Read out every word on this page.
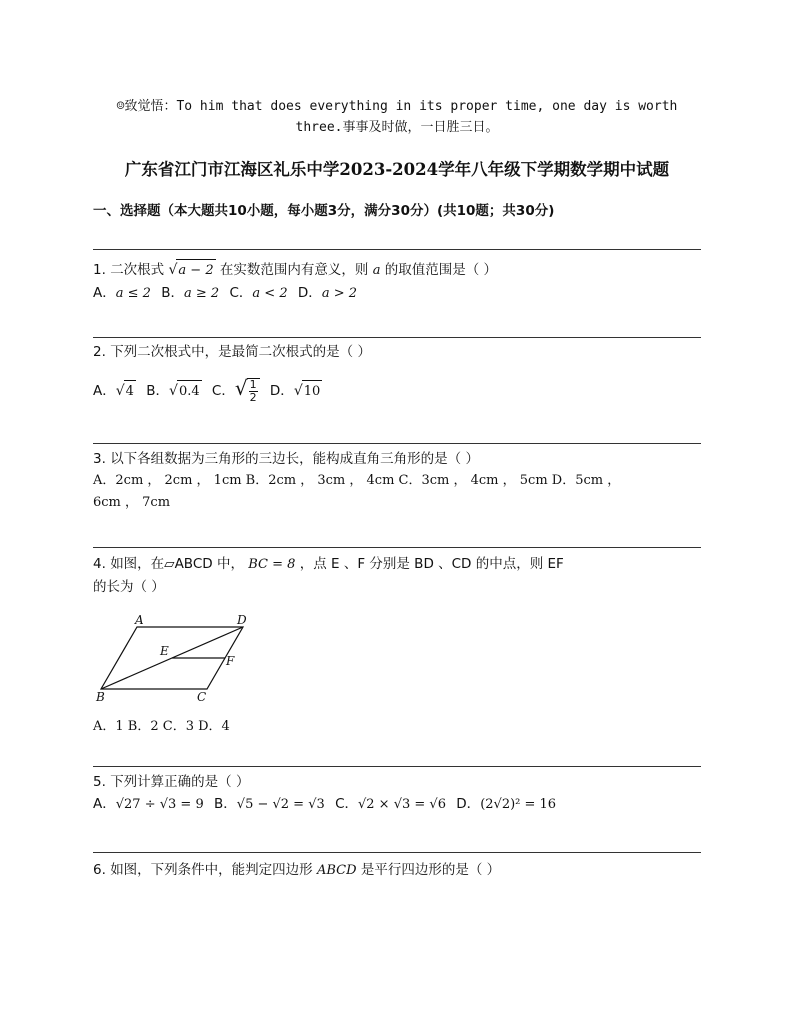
☺致觉悟：To him that does everything in its proper time, one day is worth three.事事及时做，一日胜三日。
广东省江门市江海区礼乐中学2023-2024学年八年级下学期数学期中试题
一、选择题（本大题共10小题，每小题3分，满分30分）(共10题；共30分)
1. 二次根式 √a − 2 在实数范围内有意义，则 a 的取值范围是（ ）
A．a ≤ 2 B．a ≥ 2 C．a < 2 D．a > 2
2. 下列二次根式中，是最简二次根式的是（ ）
A．√4 B．√0.4 C．√ $\frac{1}{2}$ D．√10
3. 以下各组数据为三角形的三边长，能构成直角三角形的是（ ）
A．2cm ， 2cm ， 1cm B．2cm ， 3cm ， 4cm C．3cm ， 4cm ， 5cm D．5cm ，
6cm ， 7cm
4. 如图，在▱ABCD 中， BC = 8 ，点 E 、F 分别是 BD 、CD 的中点，则 EF
的长为（ ）
A	D
B	C
E
F
A．1 B．2 C．3 D．4
5. 下列计算正确的是（ ）
A．√27 ÷ √3 = 9 B．√5 − √2 = √3 C．√2 × √3 = √6 D．(2√2)² = 16
6. 如图，下列条件中，能判定四边形 ABCD 是平行四边形的是（ ）
